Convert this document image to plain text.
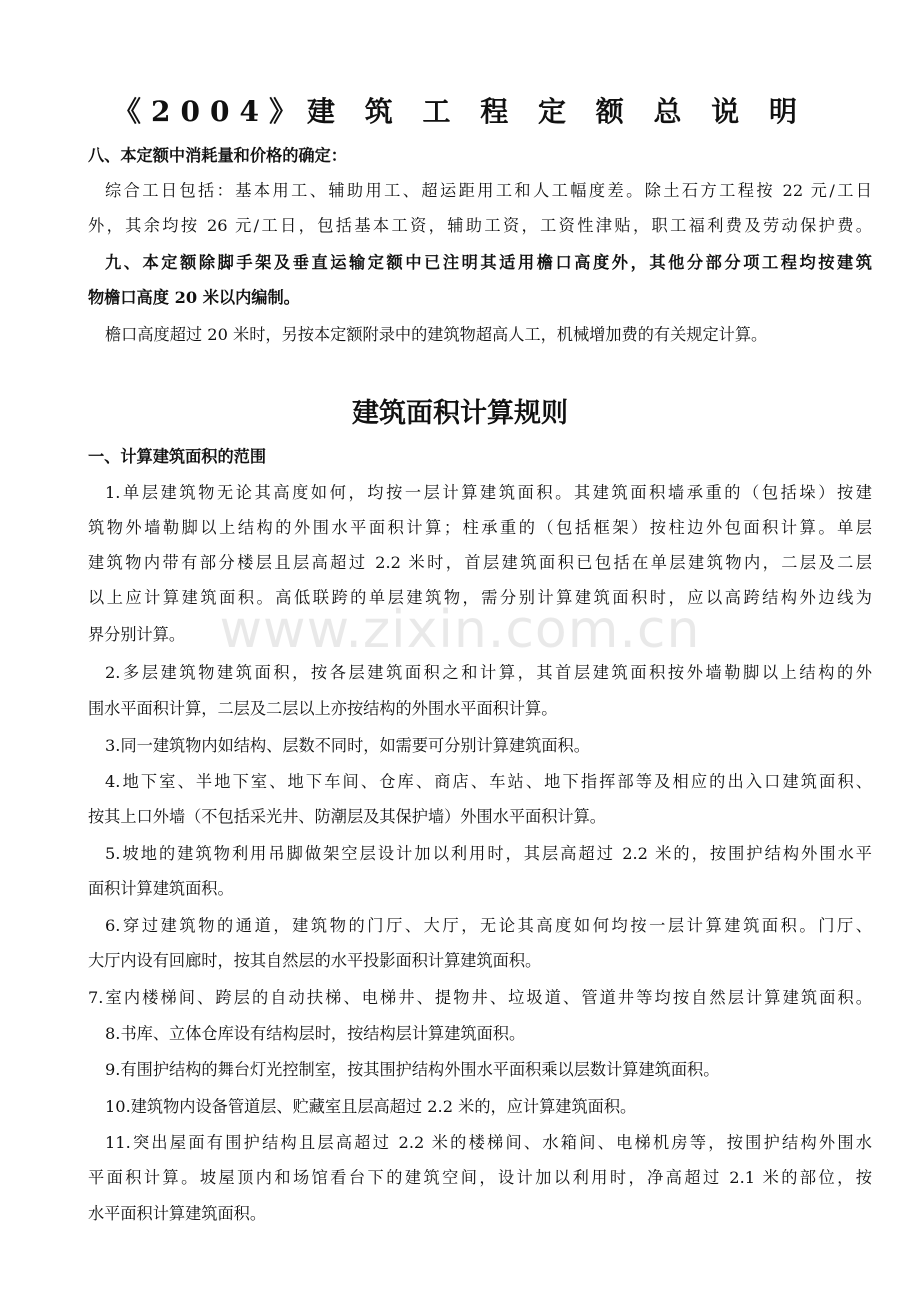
《2004》建 筑 工 程 定 额 总 说 明
八、本定额中消耗量和价格的确定：
综合工日包括：基本用工、辅助用工、超运距用工和人工幅度差。除土石方工程按 22 元/工日
外，其余均按 26 元/工日，包括基本工资，辅助工资，工资性津贴，职工福利费及劳动保护费。
九、本定额除脚手架及垂直运输定额中已注明其适用檐口高度外，其他分部分项工程均按建筑
物檐口高度 20 米以内编制。
檐口高度超过 20 米时，另按本定额附录中的建筑物超高人工，机械增加费的有关规定计算。
建筑面积计算规则
一、计算建筑面积的范围
1.单层建筑物无论其高度如何，均按一层计算建筑面积。其建筑面积墙承重的（包括垛）按建
筑物外墙勒脚以上结构的外围水平面积计算；柱承重的（包括框架）按柱边外包面积计算。单层
建筑物内带有部分楼层且层高超过 2.2 米时，首层建筑面积已包括在单层建筑物内，二层及二层
以上应计算建筑面积。高低联跨的单层建筑物，需分别计算建筑面积时，应以高跨结构外边线为
界分别计算。
2.多层建筑物建筑面积，按各层建筑面积之和计算，其首层建筑面积按外墙勒脚以上结构的外
围水平面积计算，二层及二层以上亦按结构的外围水平面积计算。
3.同一建筑物内如结构、层数不同时，如需要可分别计算建筑面积。
4.地下室、半地下室、地下车间、仓库、商店、车站、地下指挥部等及相应的出入口建筑面积、
按其上口外墙（不包括采光井、防潮层及其保护墙）外围水平面积计算。
5.坡地的建筑物利用吊脚做架空层设计加以利用时，其层高超过 2.2 米的，按围护结构外围水平
面积计算建筑面积。
6.穿过建筑物的通道，建筑物的门厅、大厅，无论其高度如何均按一层计算建筑面积。门厅、
大厅内设有回廊时，按其自然层的水平投影面积计算建筑面积。
7.室内楼梯间、跨层的自动扶梯、电梯井、提物井、垃圾道、管道井等均按自然层计算建筑面积。
8.书库、立体仓库设有结构层时，按结构层计算建筑面积。
9.有围护结构的舞台灯光控制室，按其围护结构外围水平面积乘以层数计算建筑面积。
10.建筑物内设备管道层、贮藏室且层高超过 2.2 米的，应计算建筑面积。
11.突出屋面有围护结构且层高超过 2.2 米的楼梯间、水箱间、电梯机房等，按围护结构外围水
平面积计算。坡屋顶内和场馆看台下的建筑空间，设计加以利用时，净高超过 2.1 米的部位，按
水平面积计算建筑面积。
www.zixin.com.cn
